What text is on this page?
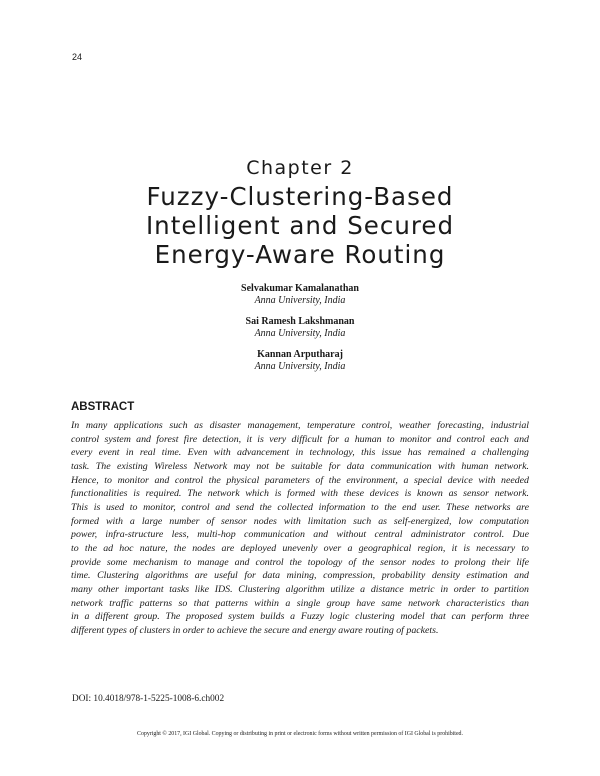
24
Chapter 2
Fuzzy-Clustering-Based
Intelligent and Secured
Energy-Aware Routing
Selvakumar Kamalanathan
Anna University, India
Sai Ramesh Lakshmanan
Anna University, India
Kannan Arputharaj
Anna University, India
ABSTRACT
In many applications such as disaster management, temperature control, weather forecasting, industrial
control system and forest fire detection, it is very difficult for a human to monitor and control each and
every event in real time. Even with advancement in technology, this issue has remained a challenging
task. The existing Wireless Network may not be suitable for data communication with human network.
Hence, to monitor and control the physical parameters of the environment, a special device with needed
functionalities is required. The network which is formed with these devices is known as sensor network.
This is used to monitor, control and send the collected information to the end user. These networks are
formed with a large number of sensor nodes with limitation such as self-energized, low computation
power, infra-structure less, multi-hop communication and without central administrator control. Due
to the ad hoc nature, the nodes are deployed unevenly over a geographical region, it is necessary to
provide some mechanism to manage and control the topology of the sensor nodes to prolong their life
time. Clustering algorithms are useful for data mining, compression, probability density estimation and
many other important tasks like IDS. Clustering algorithm utilize a distance metric in order to partition
network traffic patterns so that patterns within a single group have same network characteristics than
in a different group. The proposed system builds a Fuzzy logic clustering model that can perform three
different types of clusters in order to achieve the secure and energy aware routing of packets.
DOI: 10.4018/978-1-5225-1008-6.ch002
Copyright © 2017, IGI Global. Copying or distributing in print or electronic forms without written permission of IGI Global is prohibited.
